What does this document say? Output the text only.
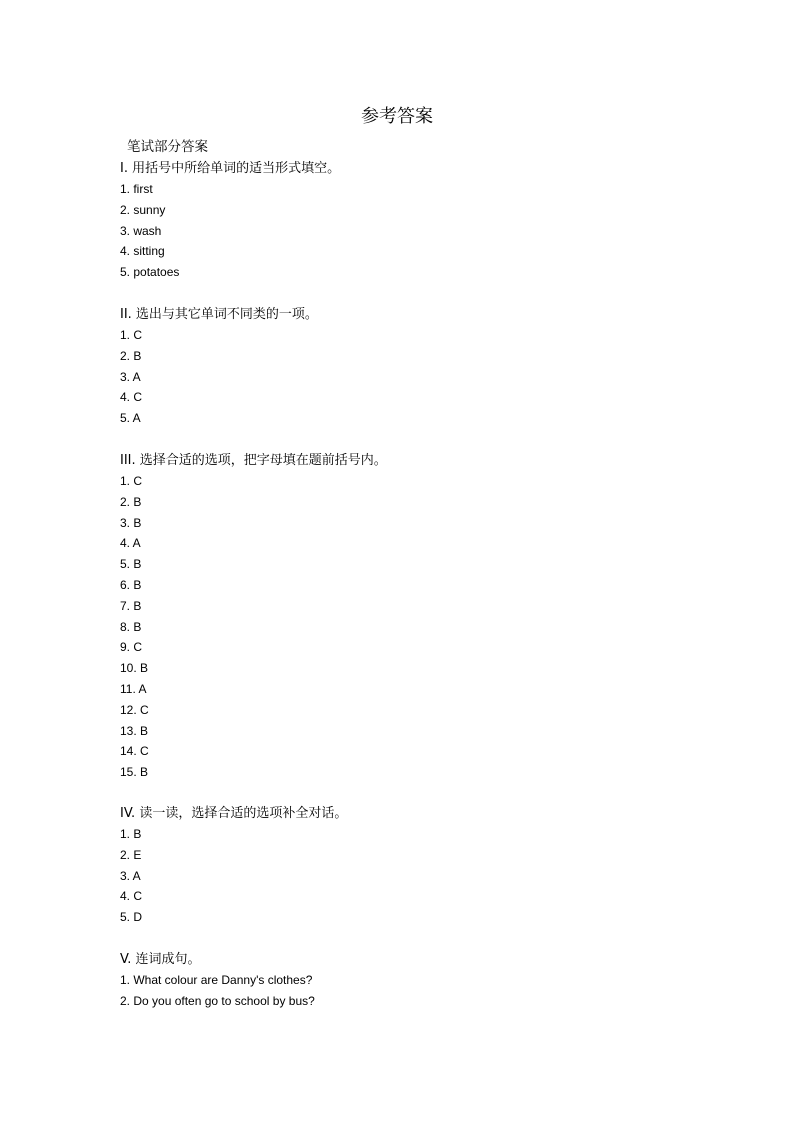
参考答案
笔试部分答案
I. 用括号中所给单词的适当形式填空。
1. first
2. sunny
3. wash
4. sitting
5. potatoes
II. 选出与其它单词不同类的一项。
1. C
2. B
3. A
4. C
5. A
III. 选择合适的选项，把字母填在题前括号内。
1. C
2. B
3. B
4. A
5. B
6. B
7. B
8. B
9. C
10. B
11. A
12. C
13. B
14. C
15. B
IV. 读一读，选择合适的选项补全对话。
1. B
2. E
3. A
4. C
5. D
V. 连词成句。
1. What colour are Danny's clothes?
2. Do you often go to school by bus?
